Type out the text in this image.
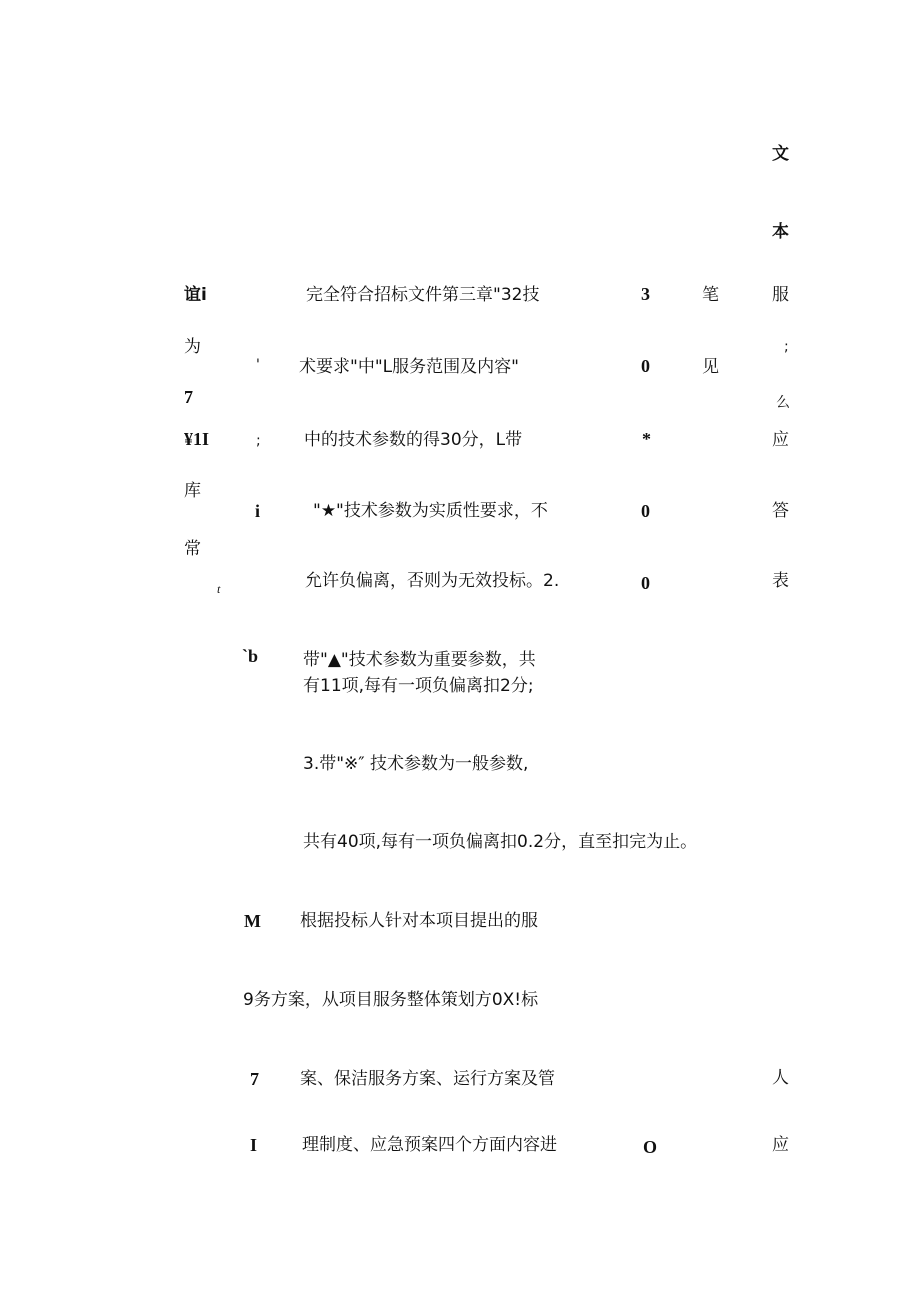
文
本
服
;
么
应
答
表
人
应
谊i
为
7
¥1I
库
常
t
'
;
i
ˋb
M
7
I
3
0
*
0
0
O
笔
见
完全符合招标文件第三章"32技
术要求"中"L服务范围及内容"
中的技术参数的得30分，L带
"★"技术参数为实质性要求，不
允许负偏离，否则为无效投标。2.
带"▲"技术参数为重要参数，共
有11项,每有一项负偏离扣2分;
3.带"※″ 技术参数为一般参数,
共有40项,每有一项负偏离扣0.2分，直至扣完为止。
根据投标人针对本项目提出的服
9务方案，从项目服务整体策划方0X!标
案、保洁服务方案、运行方案及管
理制度、应急预案四个方面内容进
